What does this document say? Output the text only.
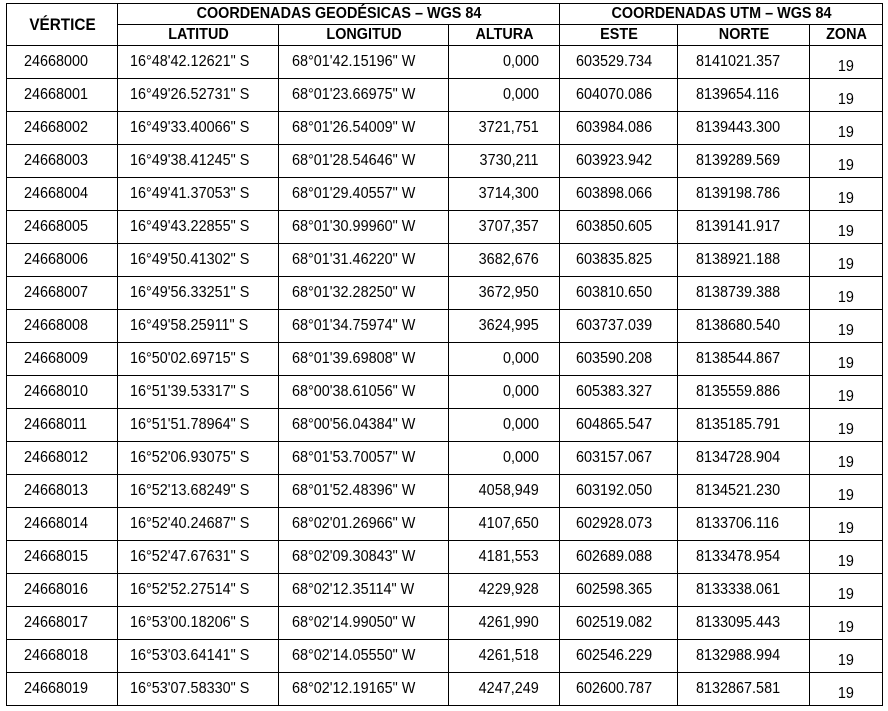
VÉRTICE	COORDENADAS GEODÉSICAS – WGS 84			COORDENADAS UTM – WGS 84		
	LATITUD	LONGITUD	ALTURA	ESTE	NORTE	ZONA
24668000	16°48'42.12621" S	68°01'42.15196" W	0,000	603529.734	8141021.357	19
24668001	16°49'26.52731" S	68°01'23.66975" W	0,000	604070.086	8139654.116	19
24668002	16°49'33.40066" S	68°01'26.54009" W	3721,751	603984.086	8139443.300	19
24668003	16°49'38.41245" S	68°01'28.54646" W	3730,211	603923.942	8139289.569	19
24668004	16°49'41.37053" S	68°01'29.40557" W	3714,300	603898.066	8139198.786	19
24668005	16°49'43.22855" S	68°01'30.99960" W	3707,357	603850.605	8139141.917	19
24668006	16°49'50.41302" S	68°01'31.46220" W	3682,676	603835.825	8138921.188	19
24668007	16°49'56.33251" S	68°01'32.28250" W	3672,950	603810.650	8138739.388	19
24668008	16°49'58.25911" S	68°01'34.75974" W	3624,995	603737.039	8138680.540	19
24668009	16°50'02.69715" S	68°01'39.69808" W	0,000	603590.208	8138544.867	19
24668010	16°51'39.53317" S	68°00'38.61056" W	0,000	605383.327	8135559.886	19
24668011	16°51'51.78964" S	68°00'56.04384" W	0,000	604865.547	8135185.791	19
24668012	16°52'06.93075" S	68°01'53.70057" W	0,000	603157.067	8134728.904	19
24668013	16°52'13.68249" S	68°01'52.48396" W	4058,949	603192.050	8134521.230	19
24668014	16°52'40.24687" S	68°02'01.26966" W	4107,650	602928.073	8133706.116	19
24668015	16°52'47.67631" S	68°02'09.30843" W	4181,553	602689.088	8133478.954	19
24668016	16°52'52.27514" S	68°02'12.35114" W	4229,928	602598.365	8133338.061	19
24668017	16°53'00.18206" S	68°02'14.99050" W	4261,990	602519.082	8133095.443	19
24668018	16°53'03.64141" S	68°02'14.05550" W	4261,518	602546.229	8132988.994	19
24668019	16°53'07.58330" S	68°02'12.19165" W	4247,249	602600.787	8132867.581	19
